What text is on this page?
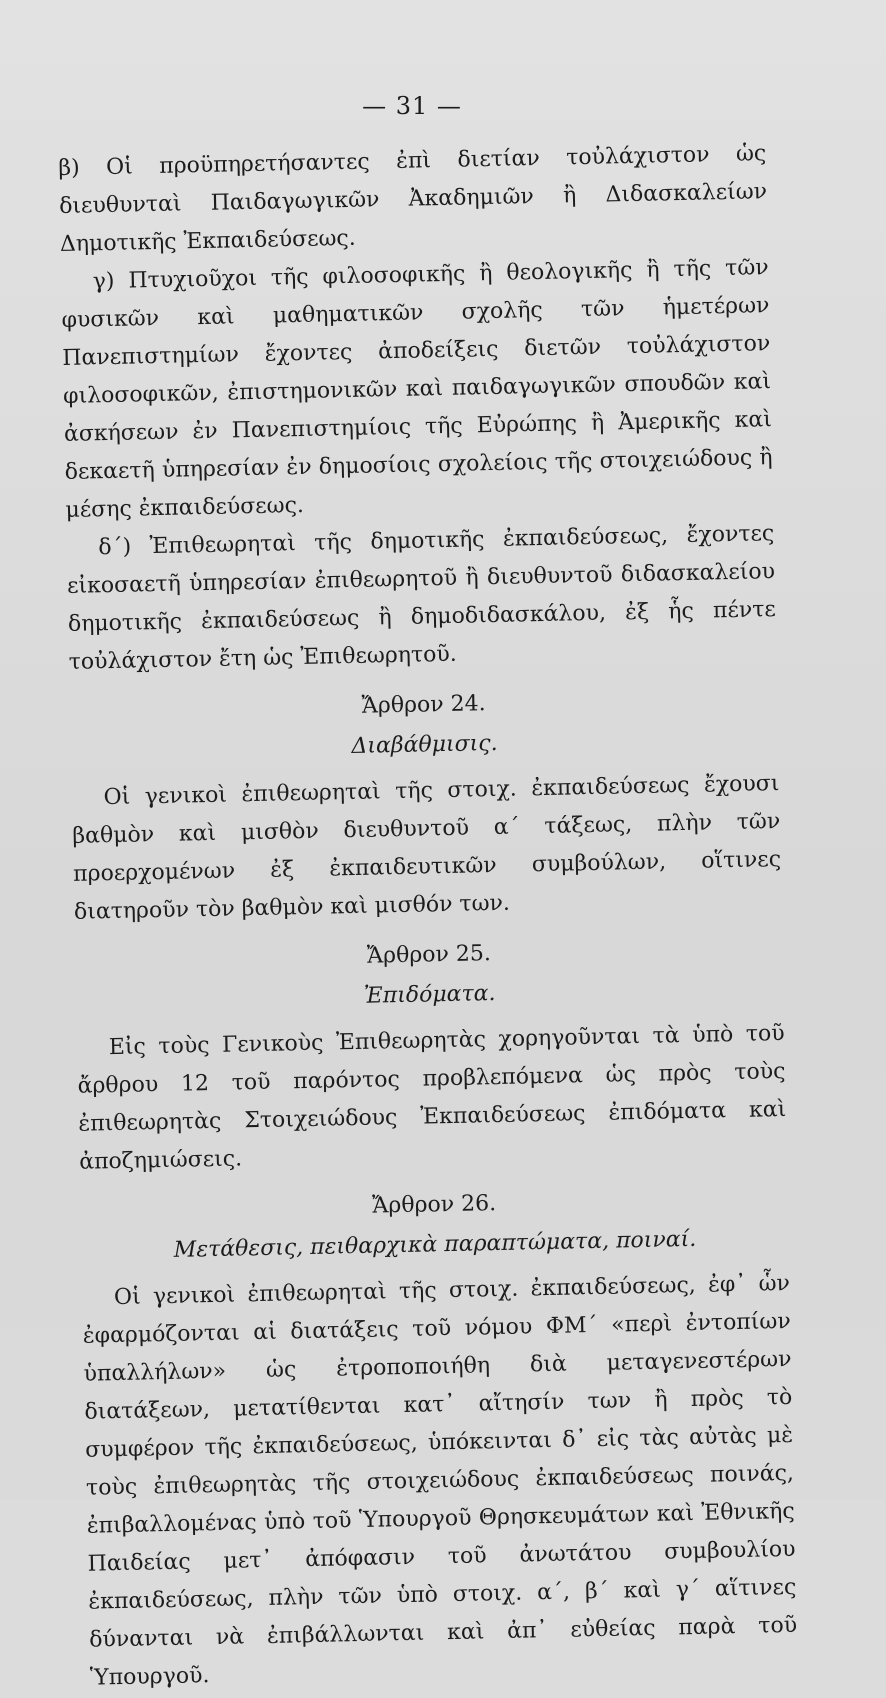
— 31 —

β) Οἱ προϋπηρετήσαντες ἐπὶ διετίαν τοὐλάχιστον ὡς διευθυνταὶ Παιδαγωγικῶν Ἀκαδημιῶν ἢ Διδασκαλείων Δημοτικῆς Ἐκπαιδεύσεως.

γ) Πτυχιοῦχοι τῆς φιλοσοφικῆς ἢ θεολογικῆς ἢ τῆς τῶν φυσικῶν καὶ μαθηματικῶν σχολῆς τῶν ἡμετέρων Πανεπιστημίων ἔχοντες ἀποδείξεις διετῶν τοὐλάχιστον φιλοσοφικῶν, ἐπιστημονικῶν καὶ παιδαγωγικῶν σπουδῶν καὶ ἀσκήσεων ἐν Πανεπιστημίοις τῆς Εὐρώπης ἢ Ἀμερικῆς καὶ δεκαετῆ ὑπηρεσίαν ἐν δημοσίοις σχολείοις τῆς στοιχειώδους ἢ μέσης ἐκπαιδεύσεως.

δ΄) Ἐπιθεωρηταὶ τῆς δημοτικῆς ἐκπαιδεύσεως, ἔχοντες εἰκοσαετῆ ὑπηρεσίαν ἐπιθεωρητοῦ ἢ διευθυντοῦ διδασκαλείου δημοτικῆς ἐκπαιδεύσεως ἢ δημοδιδασκάλου, ἐξ ἧς πέντε τοὐλάχιστον ἔτη ὡς Ἐπιθεωρητοῦ.

Ἄρθρον 24.
Διαβάθμισις.

Οἱ γενικοὶ ἐπιθεωρηταὶ τῆς στοιχ. ἐκπαιδεύσεως ἔχουσι βαθμὸν καὶ μισθὸν διευθυντοῦ α΄ τάξεως, πλὴν τῶν προερχομένων ἐξ ἐκπαιδευτικῶν συμβούλων, οἵτινες διατηροῦν τὸν βαθμὸν καὶ μισθόν των.

Ἄρθρον 25.
Ἐπιδόματα.

Εἰς τοὺς Γενικοὺς Ἐπιθεωρητὰς χορηγοῦνται τὰ ὑπὸ τοῦ ἄρθρου 12 τοῦ παρόντος προβλεπόμενα ὡς πρὸς τοὺς ἐπιθεωρητὰς Στοιχειώδους Ἐκπαιδεύσεως ἐπιδόματα καὶ ἀποζημιώσεις.

Ἄρθρον 26.
Μετάθεσις, πειθαρχικὰ παραπτώματα, ποιναί.

Οἱ γενικοὶ ἐπιθεωρηταὶ τῆς στοιχ. ἐκπαιδεύσεως, ἐφ᾽ ὧν ἐφαρμόζονται αἱ διατάξεις τοῦ νόμου ΦΜ΄ «περὶ ἐντοπίων ὑπαλλήλων» ὡς ἐτροποποιήθη διὰ μεταγενεστέρων διατάξεων, μετατίθενται κατ᾽ αἴτησίν των ἢ πρὸς τὸ συμφέρον τῆς ἐκπαιδεύσεως, ὑπόκεινται δ᾽ εἰς τὰς αὐτὰς μὲ τοὺς ἐπιθεωρητὰς τῆς στοιχειώδους ἐκπαιδεύσεως ποινάς, ἐπιβαλλομένας ὑπὸ τοῦ Ὑπουργοῦ Θρησκευμάτων καὶ Ἐθνικῆς Παιδείας μετ᾽ ἀπόφασιν τοῦ ἀνωτάτου συμβουλίου ἐκπαιδεύσεως, πλὴν τῶν ὑπὸ στοιχ. α΄, β΄ καὶ γ΄ αἵτινες δύνανται νὰ ἐπιβάλλωνται καὶ ἀπ᾽ εὐθείας παρὰ τοῦ Ὑπουργοῦ.
